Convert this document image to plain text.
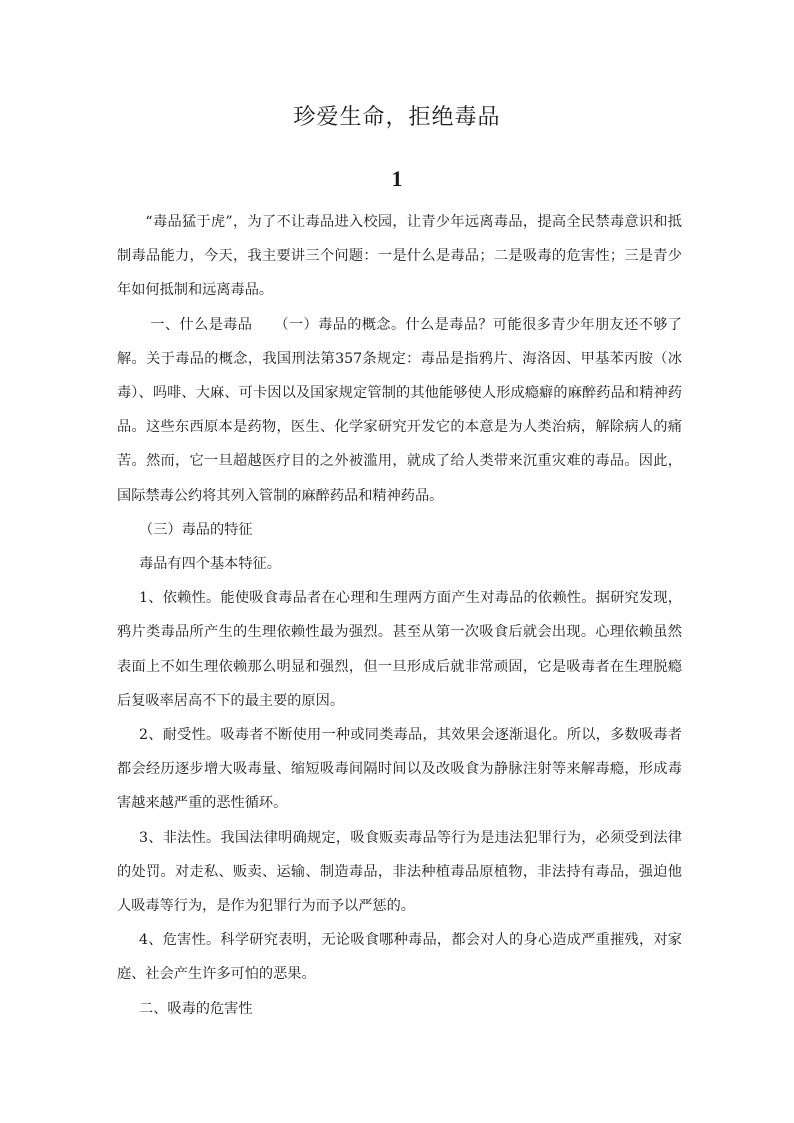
珍爱生命，拒绝毒品
1

“毒品猛于虎”，为了不让毒品进入校园，让青少年远离毒品，提高全民禁毒意识和抵制毒品能力，今天，我主要讲三个问题：一是什么是毒品；二是吸毒的危害性；三是青少年如何抵制和远离毒品。

一、什么是毒品　　（一）毒品的概念。什么是毒品？可能很多青少年朋友还不够了解。关于毒品的概念，我国刑法第357条规定：毒品是指鸦片、海洛因、甲基苯丙胺（冰毒）、吗啡、大麻、可卡因以及国家规定管制的其他能够使人形成瘾癖的麻醉药品和精神药品。这些东西原本是药物，医生、化学家研究开发它的本意是为人类治病，解除病人的痛苦。然而，它一旦超越医疗目的之外被滥用，就成了给人类带来沉重灾难的毒品。因此，国际禁毒公约将其列入管制的麻醉药品和精神药品。

（三）毒品的特征

毒品有四个基本特征。

1、依赖性。能使吸食毒品者在心理和生理两方面产生对毒品的依赖性。据研究发现，鸦片类毒品所产生的生理依赖性最为强烈。甚至从第一次吸食后就会出现。心理依赖虽然表面上不如生理依赖那么明显和强烈，但一旦形成后就非常顽固，它是吸毒者在生理脱瘾后复吸率居高不下的最主要的原因。

2、耐受性。吸毒者不断使用一种或同类毒品，其效果会逐渐退化。所以，多数吸毒者都会经历逐步增大吸毒量、缩短吸毒间隔时间以及改吸食为静脉注射等来解毒瘾，形成毒害越来越严重的恶性循环。

3、非法性。我国法律明确规定，吸食贩卖毒品等行为是违法犯罪行为，必须受到法律的处罚。对走私、贩卖、运输、制造毒品，非法种植毒品原植物，非法持有毒品，强迫他人吸毒等行为，是作为犯罪行为而予以严惩的。

4、危害性。科学研究表明，无论吸食哪种毒品，都会对人的身心造成严重摧残，对家庭、社会产生许多可怕的恶果。

二、吸毒的危害性
